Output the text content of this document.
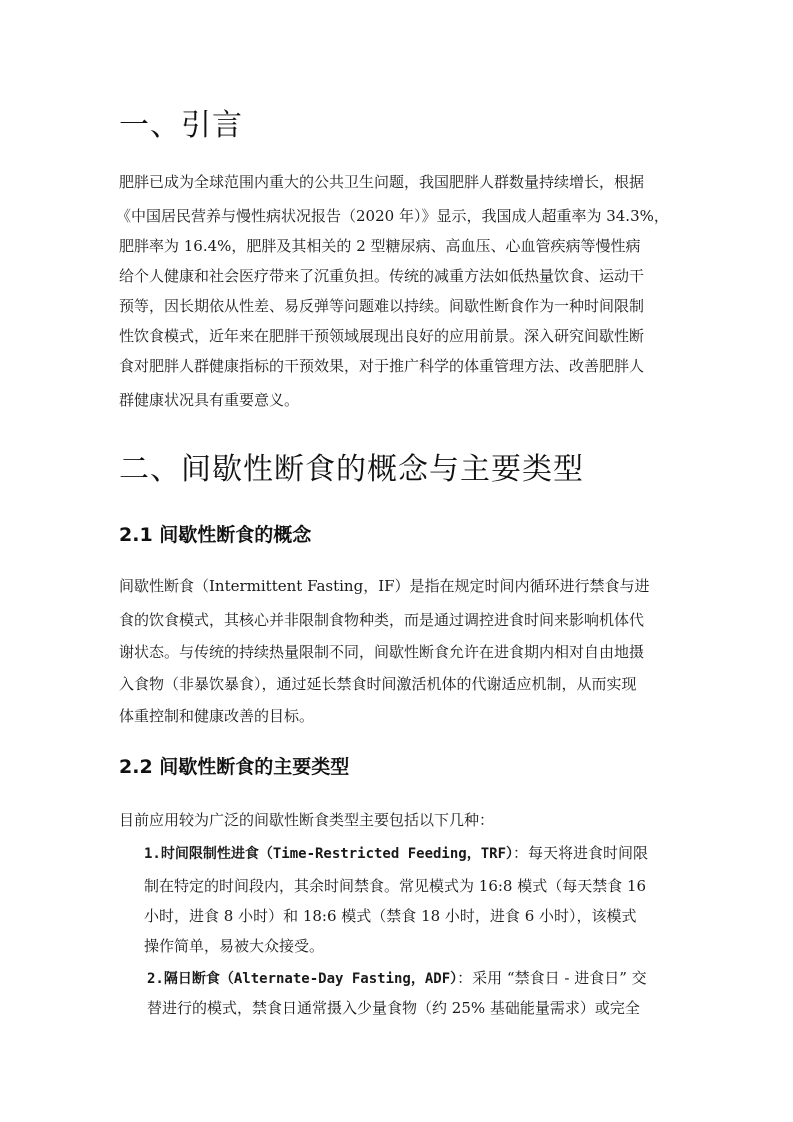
一、引言
肥胖已成为全球范围内重大的公共卫生问题，我国肥胖人群数量持续增长，根据
《中国居民营养与慢性病状况报告（2020 年）》显示，我国成人超重率为 34.3%，
肥胖率为 16.4%，肥胖及其相关的 2 型糖尿病、高血压、心血管疾病等慢性病
给个人健康和社会医疗带来了沉重负担。传统的减重方法如低热量饮食、运动干
预等，因长期依从性差、易反弹等问题难以持续。间歇性断食作为一种时间限制
性饮食模式，近年来在肥胖干预领域展现出良好的应用前景。深入研究间歇性断
食对肥胖人群健康指标的干预效果，对于推广科学的体重管理方法、改善肥胖人
群健康状况具有重要意义。
二、间歇性断食的概念与主要类型
2.1 间歇性断食的概念
间歇性断食（Intermittent Fasting，IF）是指在规定时间内循环进行禁食与进
食的饮食模式，其核心并非限制食物种类，而是通过调控进食时间来影响机体代
谢状态。与传统的持续热量限制不同，间歇性断食允许在进食期内相对自由地摄
入食物（非暴饮暴食），通过延长禁食时间激活机体的代谢适应机制，从而实现
体重控制和健康改善的目标。
2.2 间歇性断食的主要类型
目前应用较为广泛的间歇性断食类型主要包括以下几种：
1.时间限制性进食（Time-Restricted Feeding，TRF）：每天将进食时间限
制在特定的时间段内，其余时间禁食。常见模式为 16:8 模式（每天禁食 16
小时，进食 8 小时）和 18:6 模式（禁食 18 小时，进食 6 小时），该模式
操作简单，易被大众接受。
2.隔日断食（Alternate-Day Fasting，ADF）：采用 “禁食日 - 进食日” 交
替进行的模式，禁食日通常摄入少量食物（约 25% 基础能量需求）或完全
